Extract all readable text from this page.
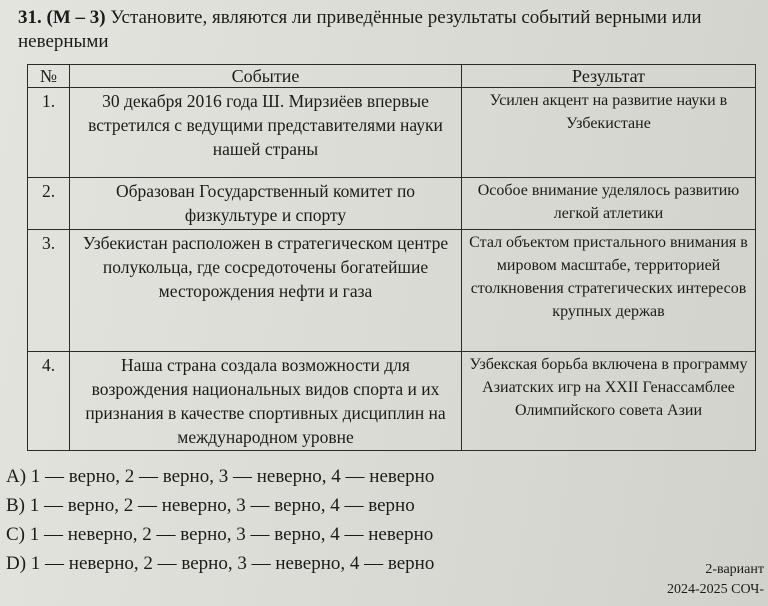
31. (M – 3) Установите, являются ли приведённые результаты событий верными или неверными
№	Событие	Результат
1.	30 декабря 2016 года Ш. Мирзиёев впервые встретился с ведущими представителями науки нашей страны	Усилен акцент на развитие науки в Узбекистане
2.	Образован Государственный комитет по физкультуре и спорту	Особое внимание уделялось развитию легкой атлетики
3.	Узбекистан расположен в стратегическом центре полукольца, где сосредоточены богатейшие месторождения нефти и газа	Стал объектом пристального внимания в мировом масштабе, территорией столкновения стратегических интересов крупных держав
4.	Наша страна создала возможности для возрождения национальных видов спорта и их признания в качестве спортивных дисциплин на международном уровне	Узбекская борьба включена в программу Азиатских игр на XXII Генассамблее Олимпийского совета Азии
A) 1 — верно, 2 — верно, 3 — неверно, 4 — неверно
B) 1 — верно, 2 — неверно, 3 — верно, 4 — верно
C) 1 — неверно, 2 — верно, 3 — верно, 4 — неверно
D) 1 — неверно, 2 — верно, 3 — неверно, 4 — верно	2-вариант
2024-2025 СОЧ-
